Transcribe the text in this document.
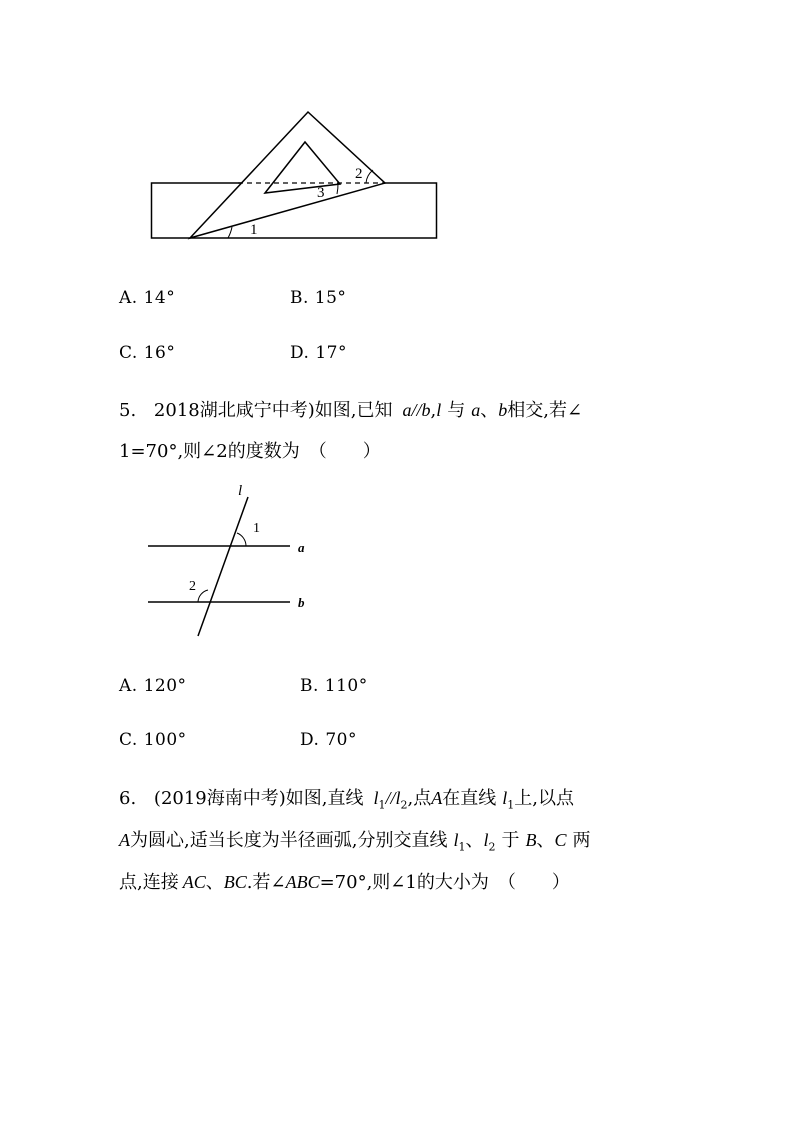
1
2
3
A. 14°	B. 15°
C. 16°	D. 17°
5. 2018湖北咸宁中考)如图,已知 a//b,l 与 a、b相交,若∠
1=70°,则∠2的度数为　（　　）
l
1
2
a
b
A. 120°	B. 110°
C. 100°	D. 70°
6. (2019海南中考)如图,直线 $l_1//l_2$,点A在直线 $l_1$上,以点
A为圆心,适当长度为半径画弧,分别交直线 $l_1$、$l_2$ 于 B、C 两
点,连接 AC、BC.若∠ABC=70°,则∠1的大小为　（　　）
